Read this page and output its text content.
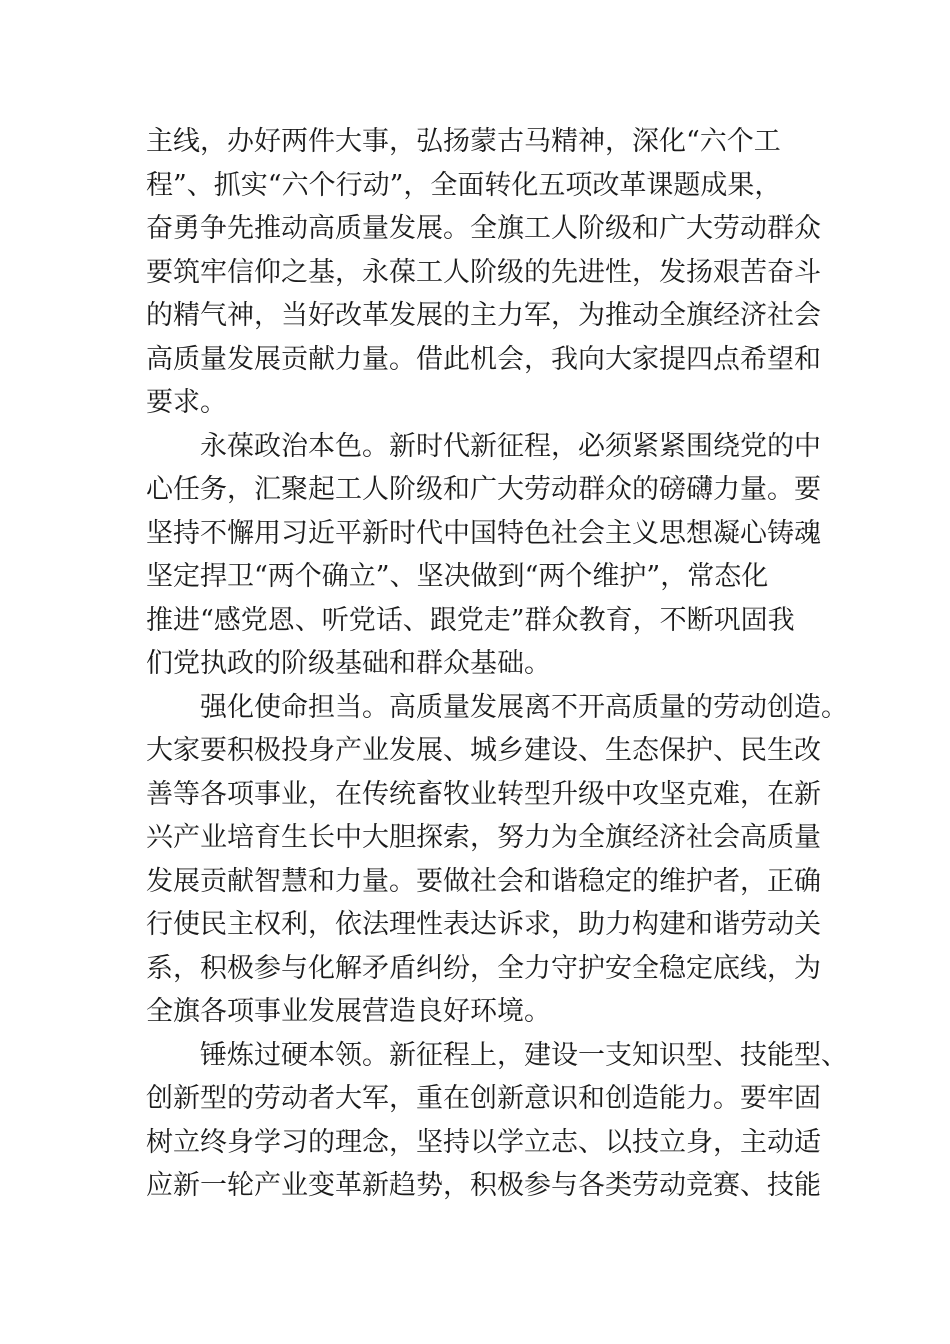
主线，办好两件大事，弘扬蒙古马精神，深化“六个工
程”、抓实“六个行动”，全面转化五项改革课题成果，
奋勇争先推动高质量发展。全旗工人阶级和广大劳动群众
要筑牢信仰之基，永葆工人阶级的先进性，发扬艰苦奋斗
的精气神，当好改革发展的主力军，为推动全旗经济社会
高质量发展贡献力量。借此机会，我向大家提四点希望和
要求。
永葆政治本色。新时代新征程，必须紧紧围绕党的中
心任务，汇聚起工人阶级和广大劳动群众的磅礴力量。要
坚持不懈用习近平新时代中国特色社会主义思想凝心铸魂
坚定捍卫“两个确立”、坚决做到“两个维护”，常态化
推进“感党恩、听党话、跟党走”群众教育，不断巩固我
们党执政的阶级基础和群众基础。
强化使命担当。高质量发展离不开高质量的劳动创造。
大家要积极投身产业发展、城乡建设、生态保护、民生改
善等各项事业，在传统畜牧业转型升级中攻坚克难，在新
兴产业培育生长中大胆探索，努力为全旗经济社会高质量
发展贡献智慧和力量。要做社会和谐稳定的维护者，正确
行使民主权利，依法理性表达诉求，助力构建和谐劳动关
系，积极参与化解矛盾纠纷，全力守护安全稳定底线，为
全旗各项事业发展营造良好环境。
锤炼过硬本领。新征程上，建设一支知识型、技能型、
创新型的劳动者大军，重在创新意识和创造能力。要牢固
树立终身学习的理念，坚持以学立志、以技立身，主动适
应新一轮产业变革新趋势，积极参与各类劳动竞赛、技能
